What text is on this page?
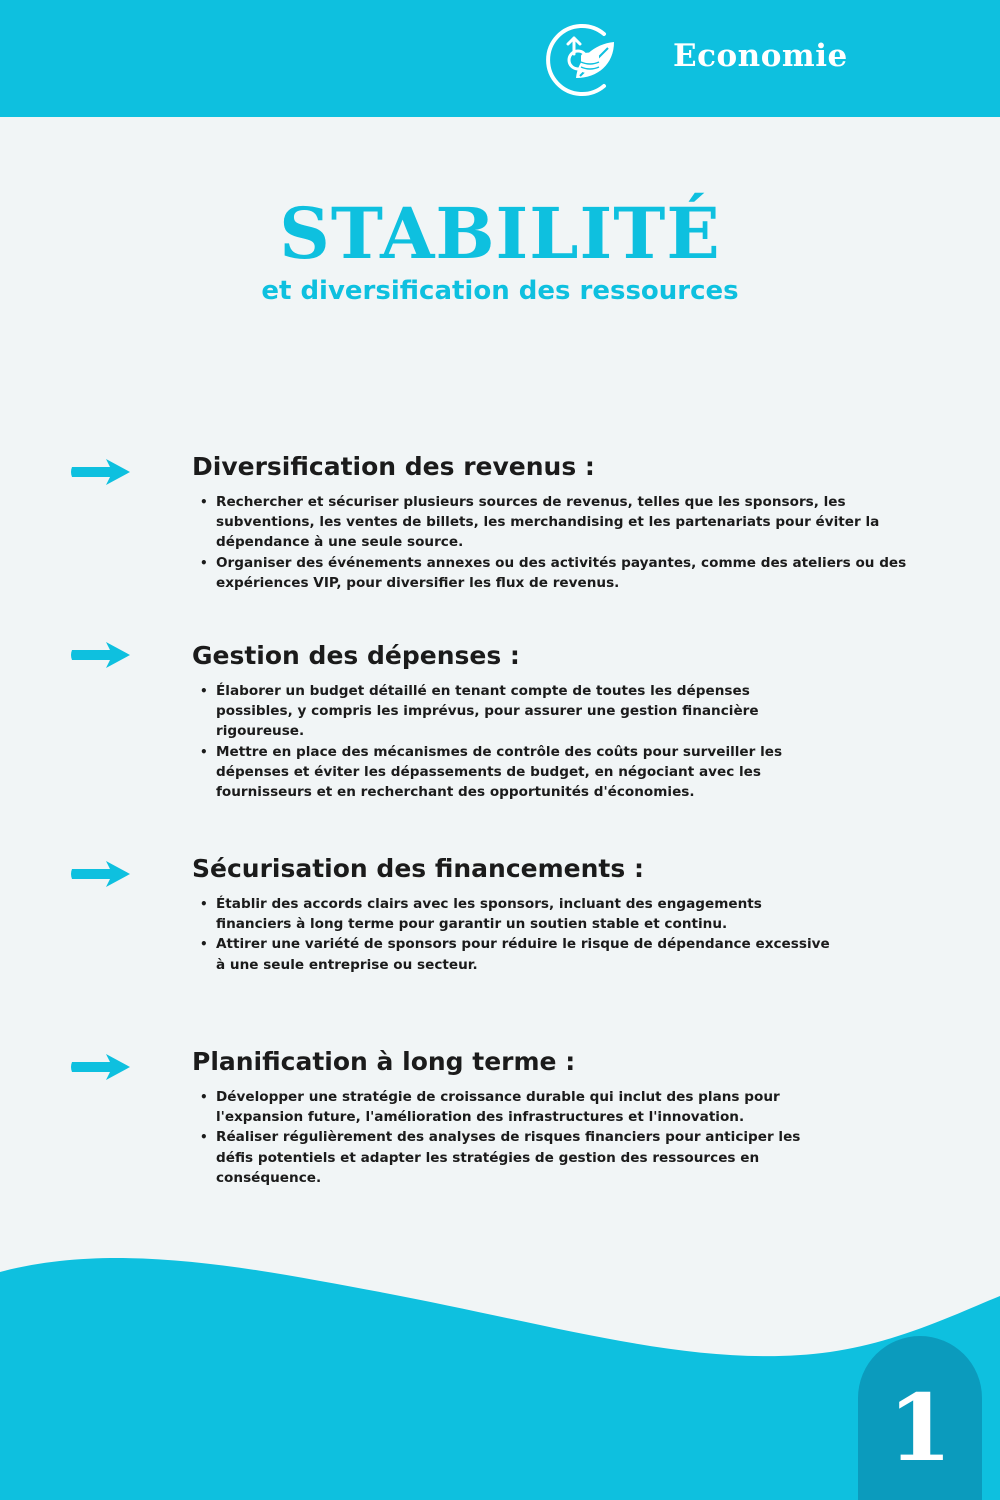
Economie
STABILITÉ
et diversification des ressources
Diversification des revenus :
• Rechercher et sécuriser plusieurs sources de revenus, telles que les sponsors, les subventions, les ventes de billets, les merchandising et les partenariats pour éviter la dépendance à une seule source.
• Organiser des événements annexes ou des activités payantes, comme des ateliers ou des expériences VIP, pour diversifier les flux de revenus.
Gestion des dépenses :
• Élaborer un budget détaillé en tenant compte de toutes les dépenses possibles, y compris les imprévus, pour assurer une gestion financière rigoureuse.
• Mettre en place des mécanismes de contrôle des coûts pour surveiller les dépenses et éviter les dépassements de budget, en négociant avec les fournisseurs et en recherchant des opportunités d'économies.
Sécurisation des financements :
• Établir des accords clairs avec les sponsors, incluant des engagements financiers à long terme pour garantir un soutien stable et continu.
• Attirer une variété de sponsors pour réduire le risque de dépendance excessive à une seule entreprise ou secteur.
Planification à long terme :
• Développer une stratégie de croissance durable qui inclut des plans pour l'expansion future, l'amélioration des infrastructures et l'innovation.
• Réaliser régulièrement des analyses de risques financiers pour anticiper les défis potentiels et adapter les stratégies de gestion des ressources en conséquence.
1
